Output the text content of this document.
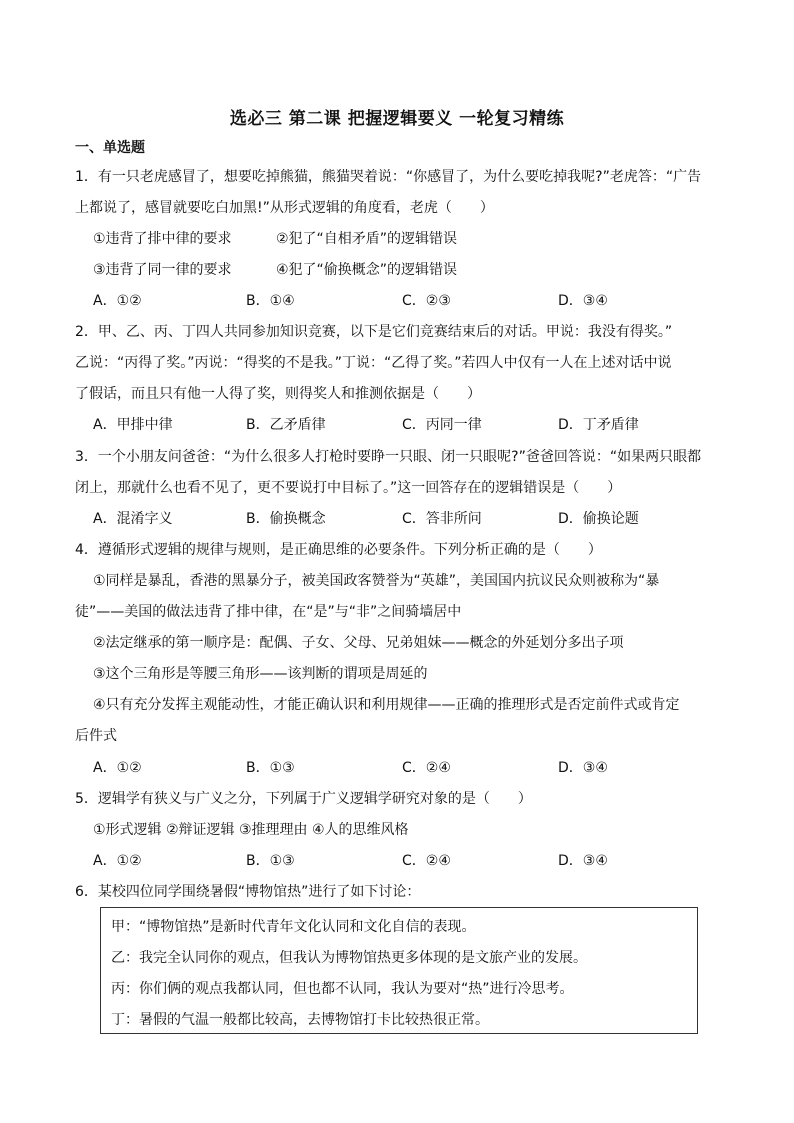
选必三 第二课 把握逻辑要义 一轮复习精练
一、单选题
1．有一只老虎感冒了，想要吃掉熊猫，熊猫哭着说：“你感冒了，为什么要吃掉我呢?”老虎答：“广告
上都说了，感冒就要吃白加黑!”从形式逻辑的角度看，老虎（　　）
①违背了排中律的要求	②犯了“自相矛盾”的逻辑错误
③违背了同一律的要求	④犯了“偷换概念”的逻辑错误
A．①②	B．①④	C．②③	D．③④
2．甲、乙、丙、丁四人共同参加知识竞赛，以下是它们竞赛结束后的对话。甲说：我没有得奖。”
乙说：“丙得了奖。”丙说：“得奖的不是我。”丁说：“乙得了奖。”若四人中仅有一人在上述对话中说
了假话，而且只有他一人得了奖，则得奖人和推测依据是（　　）
A．甲排中律	B．乙矛盾律	C．丙同一律	D．丁矛盾律
3．一个小朋友问爸爸：“为什么很多人打枪时要睁一只眼、闭一只眼呢?”爸爸回答说：“如果两只眼都
闭上，那就什么也看不见了，更不要说打中目标了。”这一回答存在的逻辑错误是（　　）
A．混淆字义	B．偷换概念	C．答非所问	D．偷换论题
4．遵循形式逻辑的规律与规则，是正确思维的必要条件。下列分析正确的是（　　）
①同样是暴乱，香港的黑暴分子，被美国政客赞誉为“英雄”，美国国内抗议民众则被称为“暴
徒”——美国的做法违背了排中律，在“是”与“非”之间骑墙居中
②法定继承的第一顺序是：配偶、子女、父母、兄弟姐妹——概念的外延划分多出子项
③这个三角形是等腰三角形——该判断的谓项是周延的
④只有充分发挥主观能动性，才能正确认识和利用规律——正确的推理形式是否定前件式或肯定
后件式
A．①②	B．①③	C．②④	D．③④
5．逻辑学有狭义与广义之分，下列属于广义逻辑学研究对象的是（　　）
①形式逻辑 ②辩证逻辑 ③推理理由 ④人的思维风格
A．①②	B．①③	C．②④	D．③④
6．某校四位同学围绕暑假“博物馆热”进行了如下讨论：
甲：“博物馆热”是新时代青年文化认同和文化自信的表现。
乙：我完全认同你的观点，但我认为博物馆热更多体现的是文旅产业的发展。
丙：你们俩的观点我都认同，但也都不认同，我认为要对“热”进行冷思考。
丁：暑假的气温一般都比较高，去博物馆打卡比较热很正常。
